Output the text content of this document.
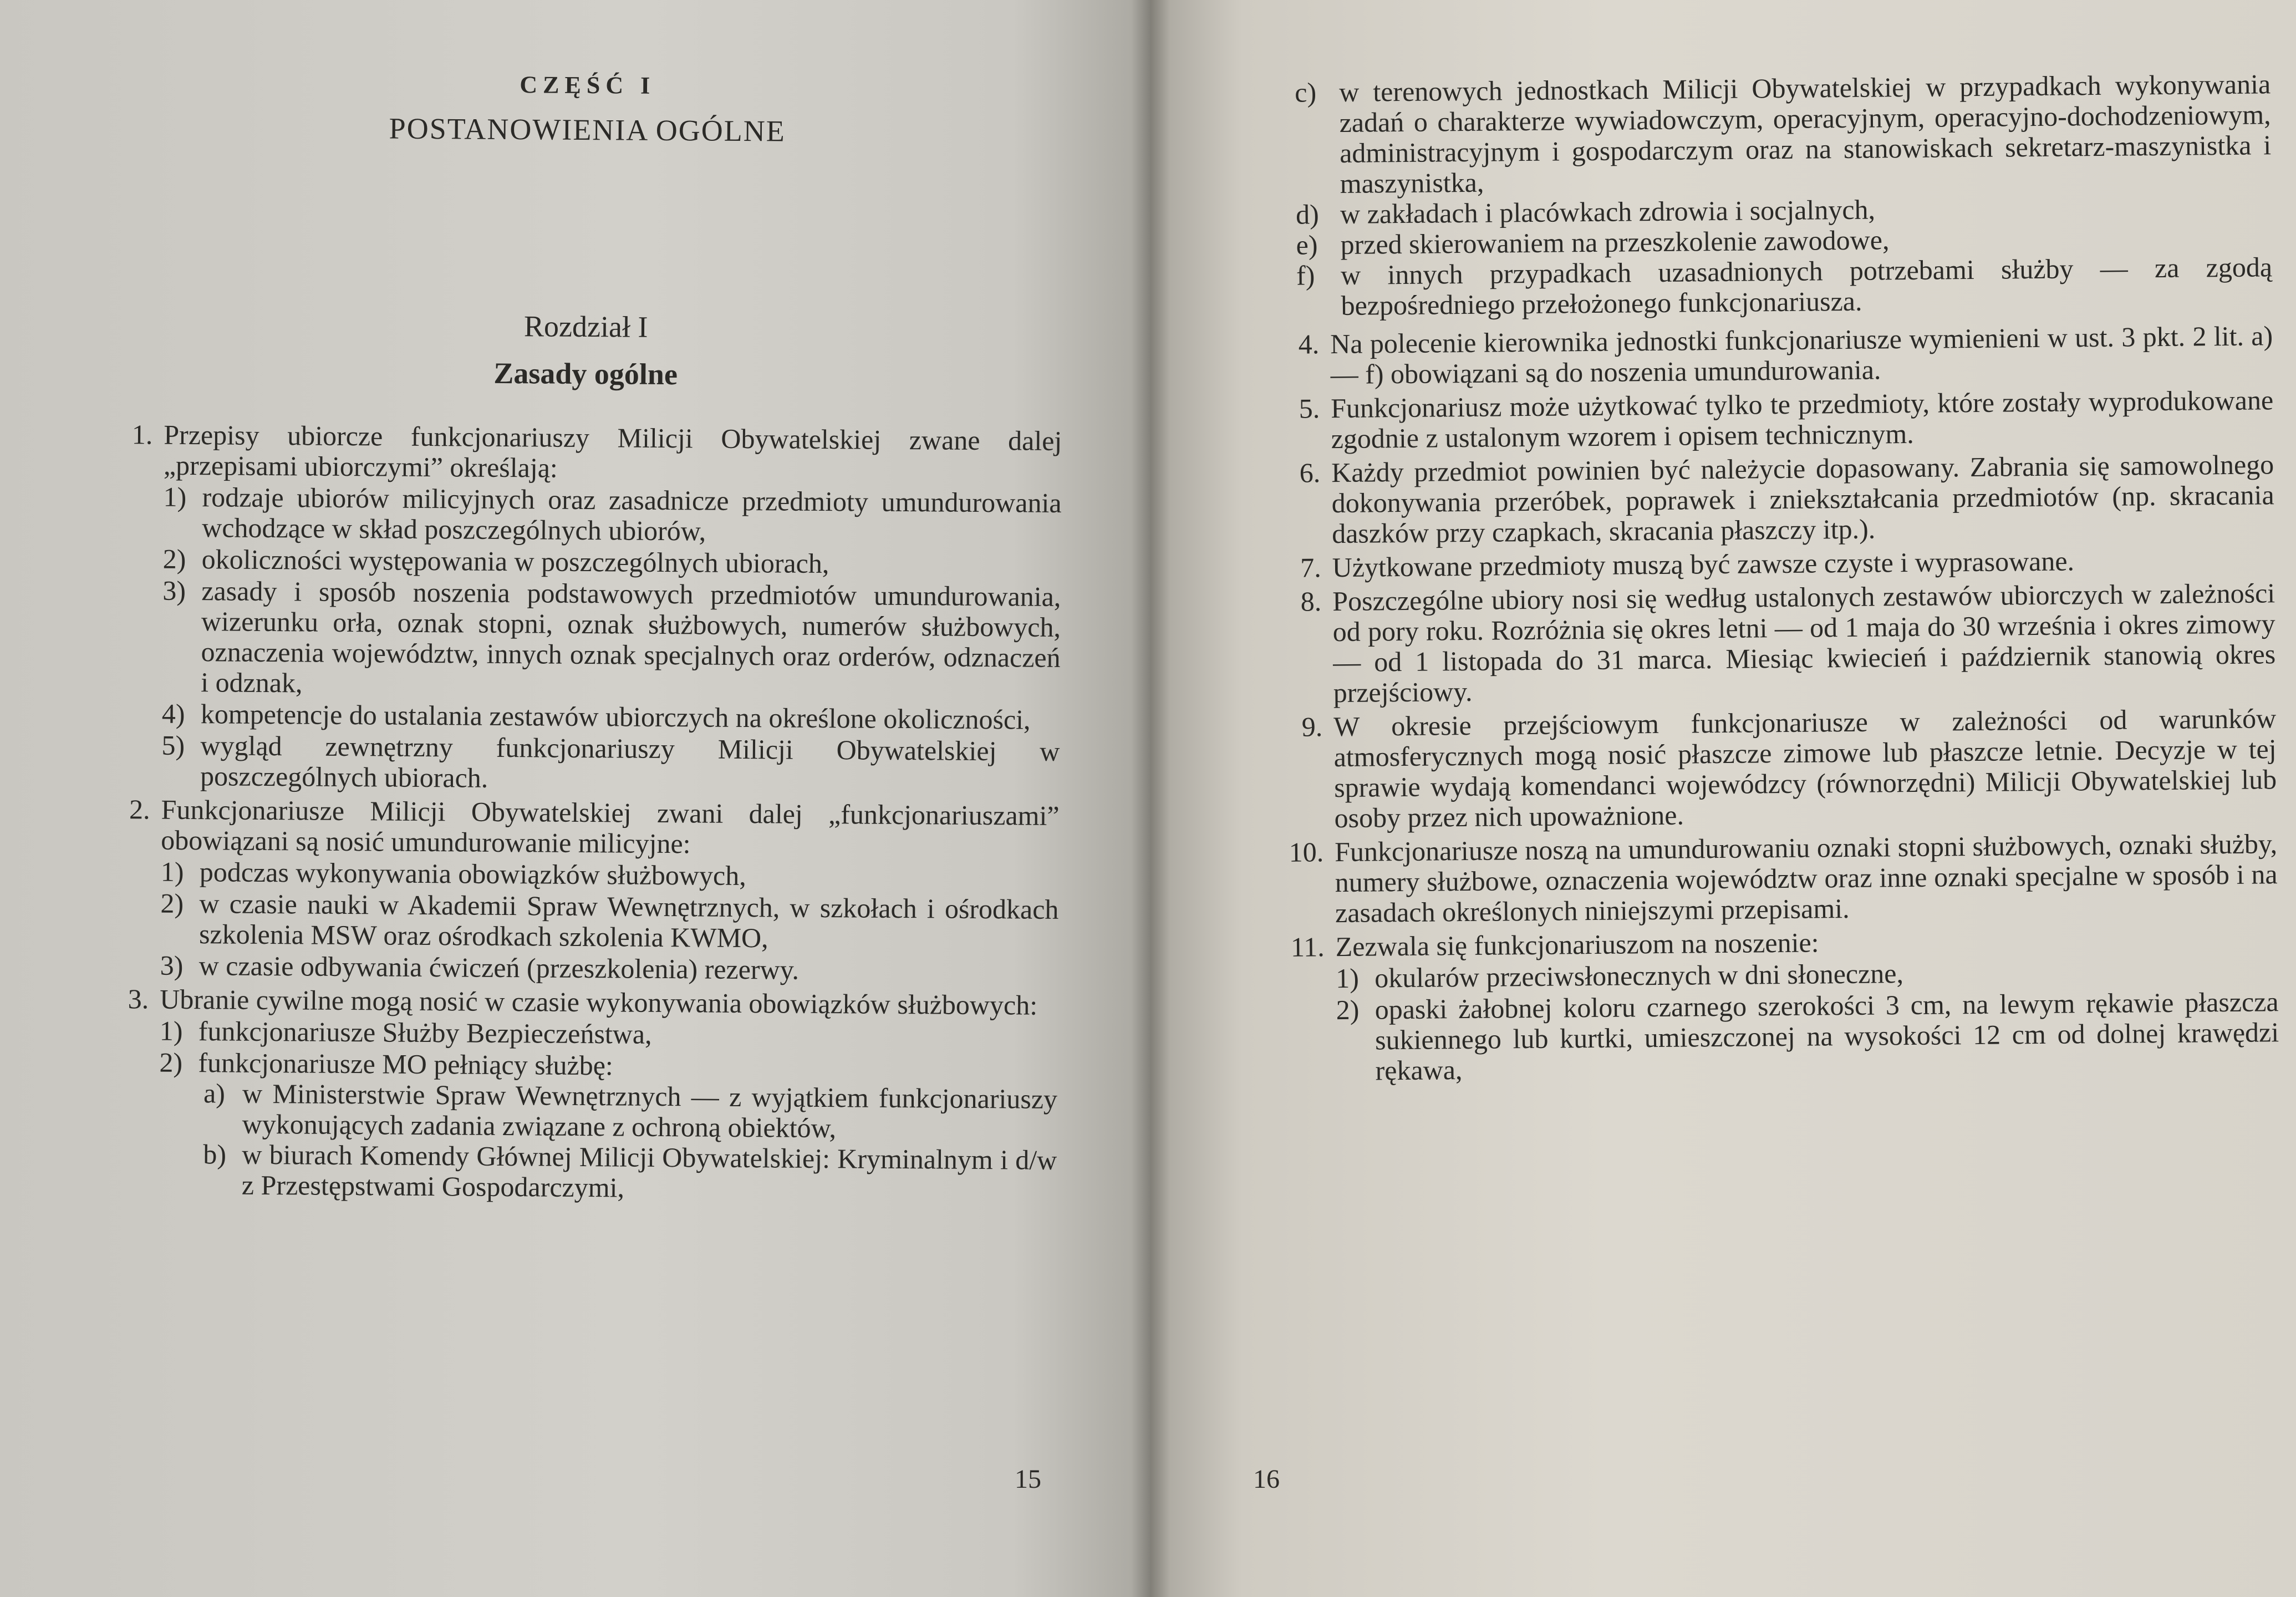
CZĘŚĆ I
POSTANOWIENIA OGÓLNE
Rozdział I
Zasady ogólne
1. Przepisy ubiorcze funkcjonariuszy Milicji Obywatelskiej zwane dalej „przepisami ubiorczymi” określają:
1) rodzaje ubiorów milicyjnych oraz zasadnicze przedmioty umundurowania wchodzące w skład poszczególnych ubiorów,
2) okoliczności występowania w poszczególnych ubiorach,
3) zasady i sposób noszenia podstawowych przedmiotów umundurowania, wizerunku orła, oznak stopni, oznak służbowych, numerów służbowych, oznaczenia województw, innych oznak specjalnych oraz orderów, odznaczeń i odznak,
4) kompetencje do ustalania zestawów ubiorczych na określone okoliczności,
5) wygląd zewnętrzny funkcjonariuszy Milicji Obywatelskiej w poszczególnych ubiorach.
2. Funkcjonariusze Milicji Obywatelskiej zwani dalej „funkcjonariuszami” obowiązani są nosić umundurowanie milicyjne:
1) podczas wykonywania obowiązków służbowych,
2) w czasie nauki w Akademii Spraw Wewnętrznych, w szkołach i ośrodkach szkolenia MSW oraz ośrodkach szkolenia KWMO,
3) w czasie odbywania ćwiczeń (przeszkolenia) rezerwy.
3. Ubranie cywilne mogą nosić w czasie wykonywania obowiązków służbowych:
1) funkcjonariusze Służby Bezpieczeństwa,
2) funkcjonariusze MO pełniący służbę:
a) w Ministerstwie Spraw Wewnętrznych — z wyjątkiem funkcjonariuszy wykonujących zadania związane z ochroną obiektów,
b) w biurach Komendy Głównej Milicji Obywatelskiej: Kryminalnym i d/w z Przestępstwami Gospodarczymi,
15
c) w terenowych jednostkach Milicji Obywatelskiej w przypadkach wykonywania zadań o charakterze wywiadowczym, operacyjnym, operacyjno-dochodzeniowym, administracyjnym i gospodarczym oraz na stanowiskach sekretarz-maszynistka i maszynistka,
d) w zakładach i placówkach zdrowia i socjalnych,
e) przed skierowaniem na przeszkolenie zawodowe,
f) w innych przypadkach uzasadnionych potrzebami służby — za zgodą bezpośredniego przełożonego funkcjonariusza.
4. Na polecenie kierownika jednostki funkcjonariusze wymienieni w ust. 3 pkt. 2 lit. a) — f) obowiązani są do noszenia umundurowania.
5. Funkcjonariusz może użytkować tylko te przedmioty, które zostały wyprodukowane zgodnie z ustalonym wzorem i opisem technicznym.
6. Każdy przedmiot powinien być należycie dopasowany. Zabrania się samowolnego dokonywania przeróbek, poprawek i zniekształcania przedmiotów (np. skracania daszków przy czapkach, skracania płaszczy itp.).
7. Użytkowane przedmioty muszą być zawsze czyste i wyprasowane.
8. Poszczególne ubiory nosi się według ustalonych zestawów ubiorczych w zależności od pory roku. Rozróżnia się okres letni — od 1 maja do 30 września i okres zimowy — od 1 listopada do 31 marca. Miesiąc kwiecień i październik stanowią okres przejściowy.
9. W okresie przejściowym funkcjonariusze w zależności od warunków atmosferycznych mogą nosić płaszcze zimowe lub płaszcze letnie. Decyzje w tej sprawie wydają komendanci wojewódzcy (równorzędni) Milicji Obywatelskiej lub osoby przez nich upoważnione.
10. Funkcjonariusze noszą na umundurowaniu oznaki stopni służbowych, oznaki służby, numery służbowe, oznaczenia województw oraz inne oznaki specjalne w sposób i na zasadach określonych niniejszymi przepisami.
11. Zezwala się funkcjonariuszom na noszenie:
1) okularów przeciwsłonecznych w dni słoneczne,
2) opaski żałobnej koloru czarnego szerokości 3 cm, na lewym rękawie płaszcza sukiennego lub kurtki, umieszczonej na wysokości 12 cm od dolnej krawędzi rękawa,
16
